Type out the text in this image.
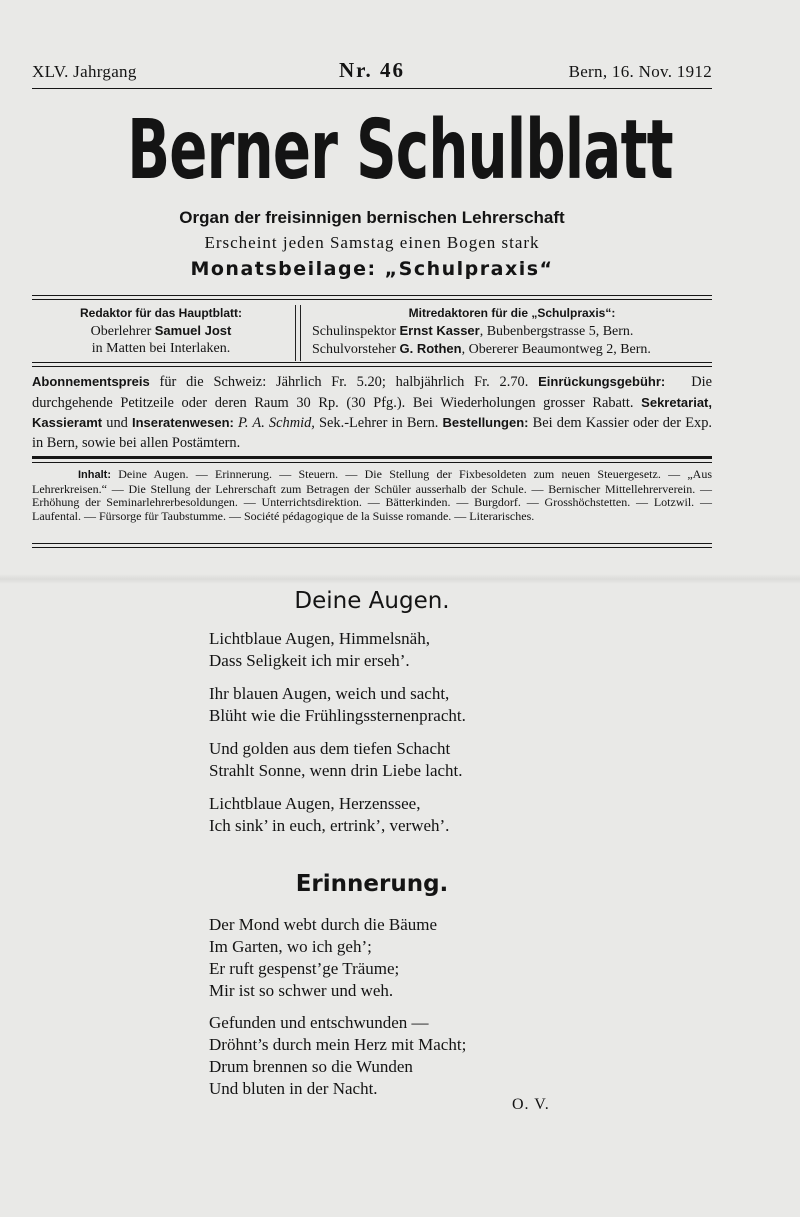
XLV. Jahrgang	Nr. 46	Bern, 16. Nov. 1912
Berner Schulblatt
Organ der freisinnigen bernischen Lehrerschaft
Erscheint jeden Samstag einen Bogen stark
Monatsbeilage: „Schulpraxis“
Redaktor für das Hauptblatt:
Oberlehrer Samuel Jost
in Matten bei Interlaken.
Mitredaktoren für die „Schulpraxis“:
Schulinspektor Ernst Kasser, Bubenbergstrasse 5, Bern.
Schulvorsteher G. Rothen, Obererer Beaumontweg 2, Bern.

Abonnementspreis für die Schweiz: Jährlich Fr. 5.20; halbjährlich Fr. 2.70. Einrückungsgebühr: Die durchgehende Petitzeile oder deren Raum 30 Rp. (30 Pfg.). Bei Wiederholungen grosser Rabatt. Sekretariat, Kassieramt und Inseratenwesen: P. A. Schmid, Sek.-Lehrer in Bern. Bestellungen: Bei dem Kassier oder der Exp. in Bern, sowie bei allen Postämtern.

Inhalt: Deine Augen. — Erinnerung. — Steuern. — Die Stellung der Fixbesoldeten zum neuen Steuergesetz. — „Aus Lehrerkreisen.“ — Die Stellung der Lehrerschaft zum Betragen der Schüler ausserhalb der Schule. — Bernischer Mittellehrerverein. — Erhöhung der Seminarlehrerbesoldungen. — Unterrichtsdirektion. — Bätterkinden. — Burgdorf. — Grosshöchstetten. — Lotzwil. — Laufental. — Fürsorge für Taubstumme. — Société pédagogique de la Suisse romande. — Literarisches.
Deine Augen.
Lichtblaue Augen, Himmelsnäh,
Dass Seligkeit ich mir erseh’.
Ihr blauen Augen, weich und sacht,
Blüht wie die Frühlingssternenpracht.
Und golden aus dem tiefen Schacht
Strahlt Sonne, wenn drin Liebe lacht.
Lichtblaue Augen, Herzenssee,
Ich sink’ in euch, ertrink’, verweh’.
Erinnerung.
Der Mond webt durch die Bäume
Im Garten, wo ich geh’;
Er ruft gespenst’ge Träume;
Mir ist so schwer und weh.
Gefunden und entschwunden —
Dröhnt’s durch mein Herz mit Macht;
Drum brennen so die Wunden
Und bluten in der Nacht.
O. V.
